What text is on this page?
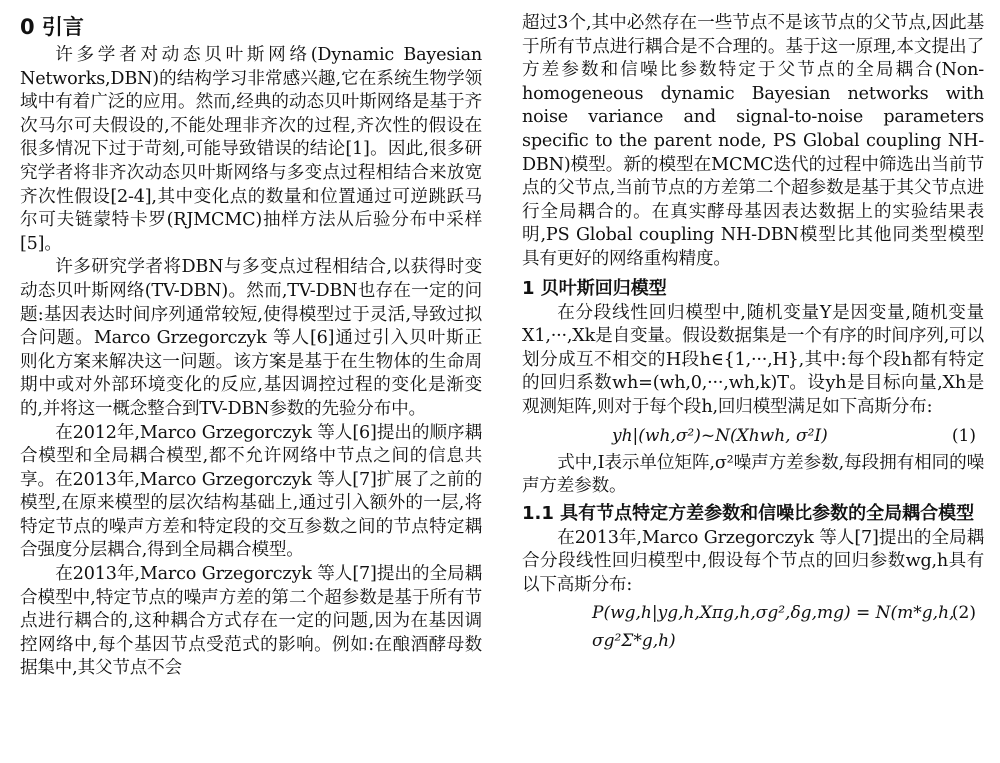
0 引言

许多学者对动态贝叶斯网络(Dynamic Bayesian Networks,DBN)的结构学习非常感兴趣,它在系统生物学领域中有着广泛的应用。然而,经典的动态贝叶斯网络是基于齐次马尔可夫假设的,不能处理非齐次的过程,齐次性的假设在很多情况下过于苛刻,可能导致错误的结论[1]。因此,很多研究学者将非齐次动态贝叶斯网络与多变点过程相结合来放宽齐次性假设[2-4],其中变化点的数量和位置通过可逆跳跃马尔可夫链蒙特卡罗(RJMCMC)抽样方法从后验分布中采样[5]。

许多研究学者将DBN与多变点过程相结合,以获得时变动态贝叶斯网络(TV-DBN)。然而,TV-DBN也存在一定的问题:基因表达时间序列通常较短,使得模型过于灵活,导致过拟合问题。Marco Grzegorczyk 等人[6]通过引入贝叶斯正则化方案来解决这一问题。该方案是基于在生物体的生命周期中或对外部环境变化的反应,基因调控过程的变化是渐变的,并将这一概念整合到TV-DBN参数的先验分布中。

在2012年,Marco Grzegorczyk 等人[6]提出的顺序耦合模型和全局耦合模型,都不允许网络中节点之间的信息共享。在2013年,Marco Grzegorczyk 等人[7]扩展了之前的模型,在原来模型的层次结构基础上,通过引入额外的一层,将特定节点的噪声方差和特定段的交互参数之间的节点特定耦合强度分层耦合,得到全局耦合模型。

在2013年,Marco Grzegorczyk 等人[7]提出的全局耦合模型中,特定节点的噪声方差的第二个超参数是基于所有节点进行耦合的,这种耦合方式存在一定的问题,因为在基因调控网络中,每个基因节点受范式的影响。例如:在酿酒酵母数据集中,其父节点不会

超过3个,其中必然存在一些节点不是该节点的父节点,因此基于所有节点进行耦合是不合理的。基于这一原理,本文提出了方差参数和信噪比参数特定于父节点的全局耦合(Non-homogeneous dynamic Bayesian networks with noise variance and signal-to-noise parameters specific to the parent node, PS Global coupling NH-DBN)模型。新的模型在MCMC迭代的过程中筛选出当前节点的父节点,当前节点的方差第二个超参数是基于其父节点进行全局耦合的。在真实酵母基因表达数据上的实验结果表明,PS Global coupling NH-DBN模型比其他同类型模型具有更好的网络重构精度。

1 贝叶斯回归模型

在分段线性回归模型中,随机变量Y是因变量,随机变量X1,···,Xk是自变量。假设数据集是一个有序的时间序列,可以划分成互不相交的H段h∈{1,···,H},其中:每个段h都有特定的回归系数wh=(wh,0,···,wh,k)T。设yh是目标向量,Xh是观测矩阵,则对于每个段h,回归模型满足如下高斯分布:

yh|(wh,σ²)~N(Xhwh, σ²I)	(1)

式中,I表示单位矩阵,σ²噪声方差参数,每段拥有相同的噪声方差参数。

1.1 具有节点特定方差参数和信噪比参数的全局耦合模型

在2013年,Marco Grzegorczyk 等人[7]提出的全局耦合分段线性回归模型中,假设每个节点的回归参数wg,h具有以下高斯分布:

P(wg,h|yg,h,Xπg,h,σg²,δg,mg) = N(m*g,h, σg²Σ*g,h)
(2)
